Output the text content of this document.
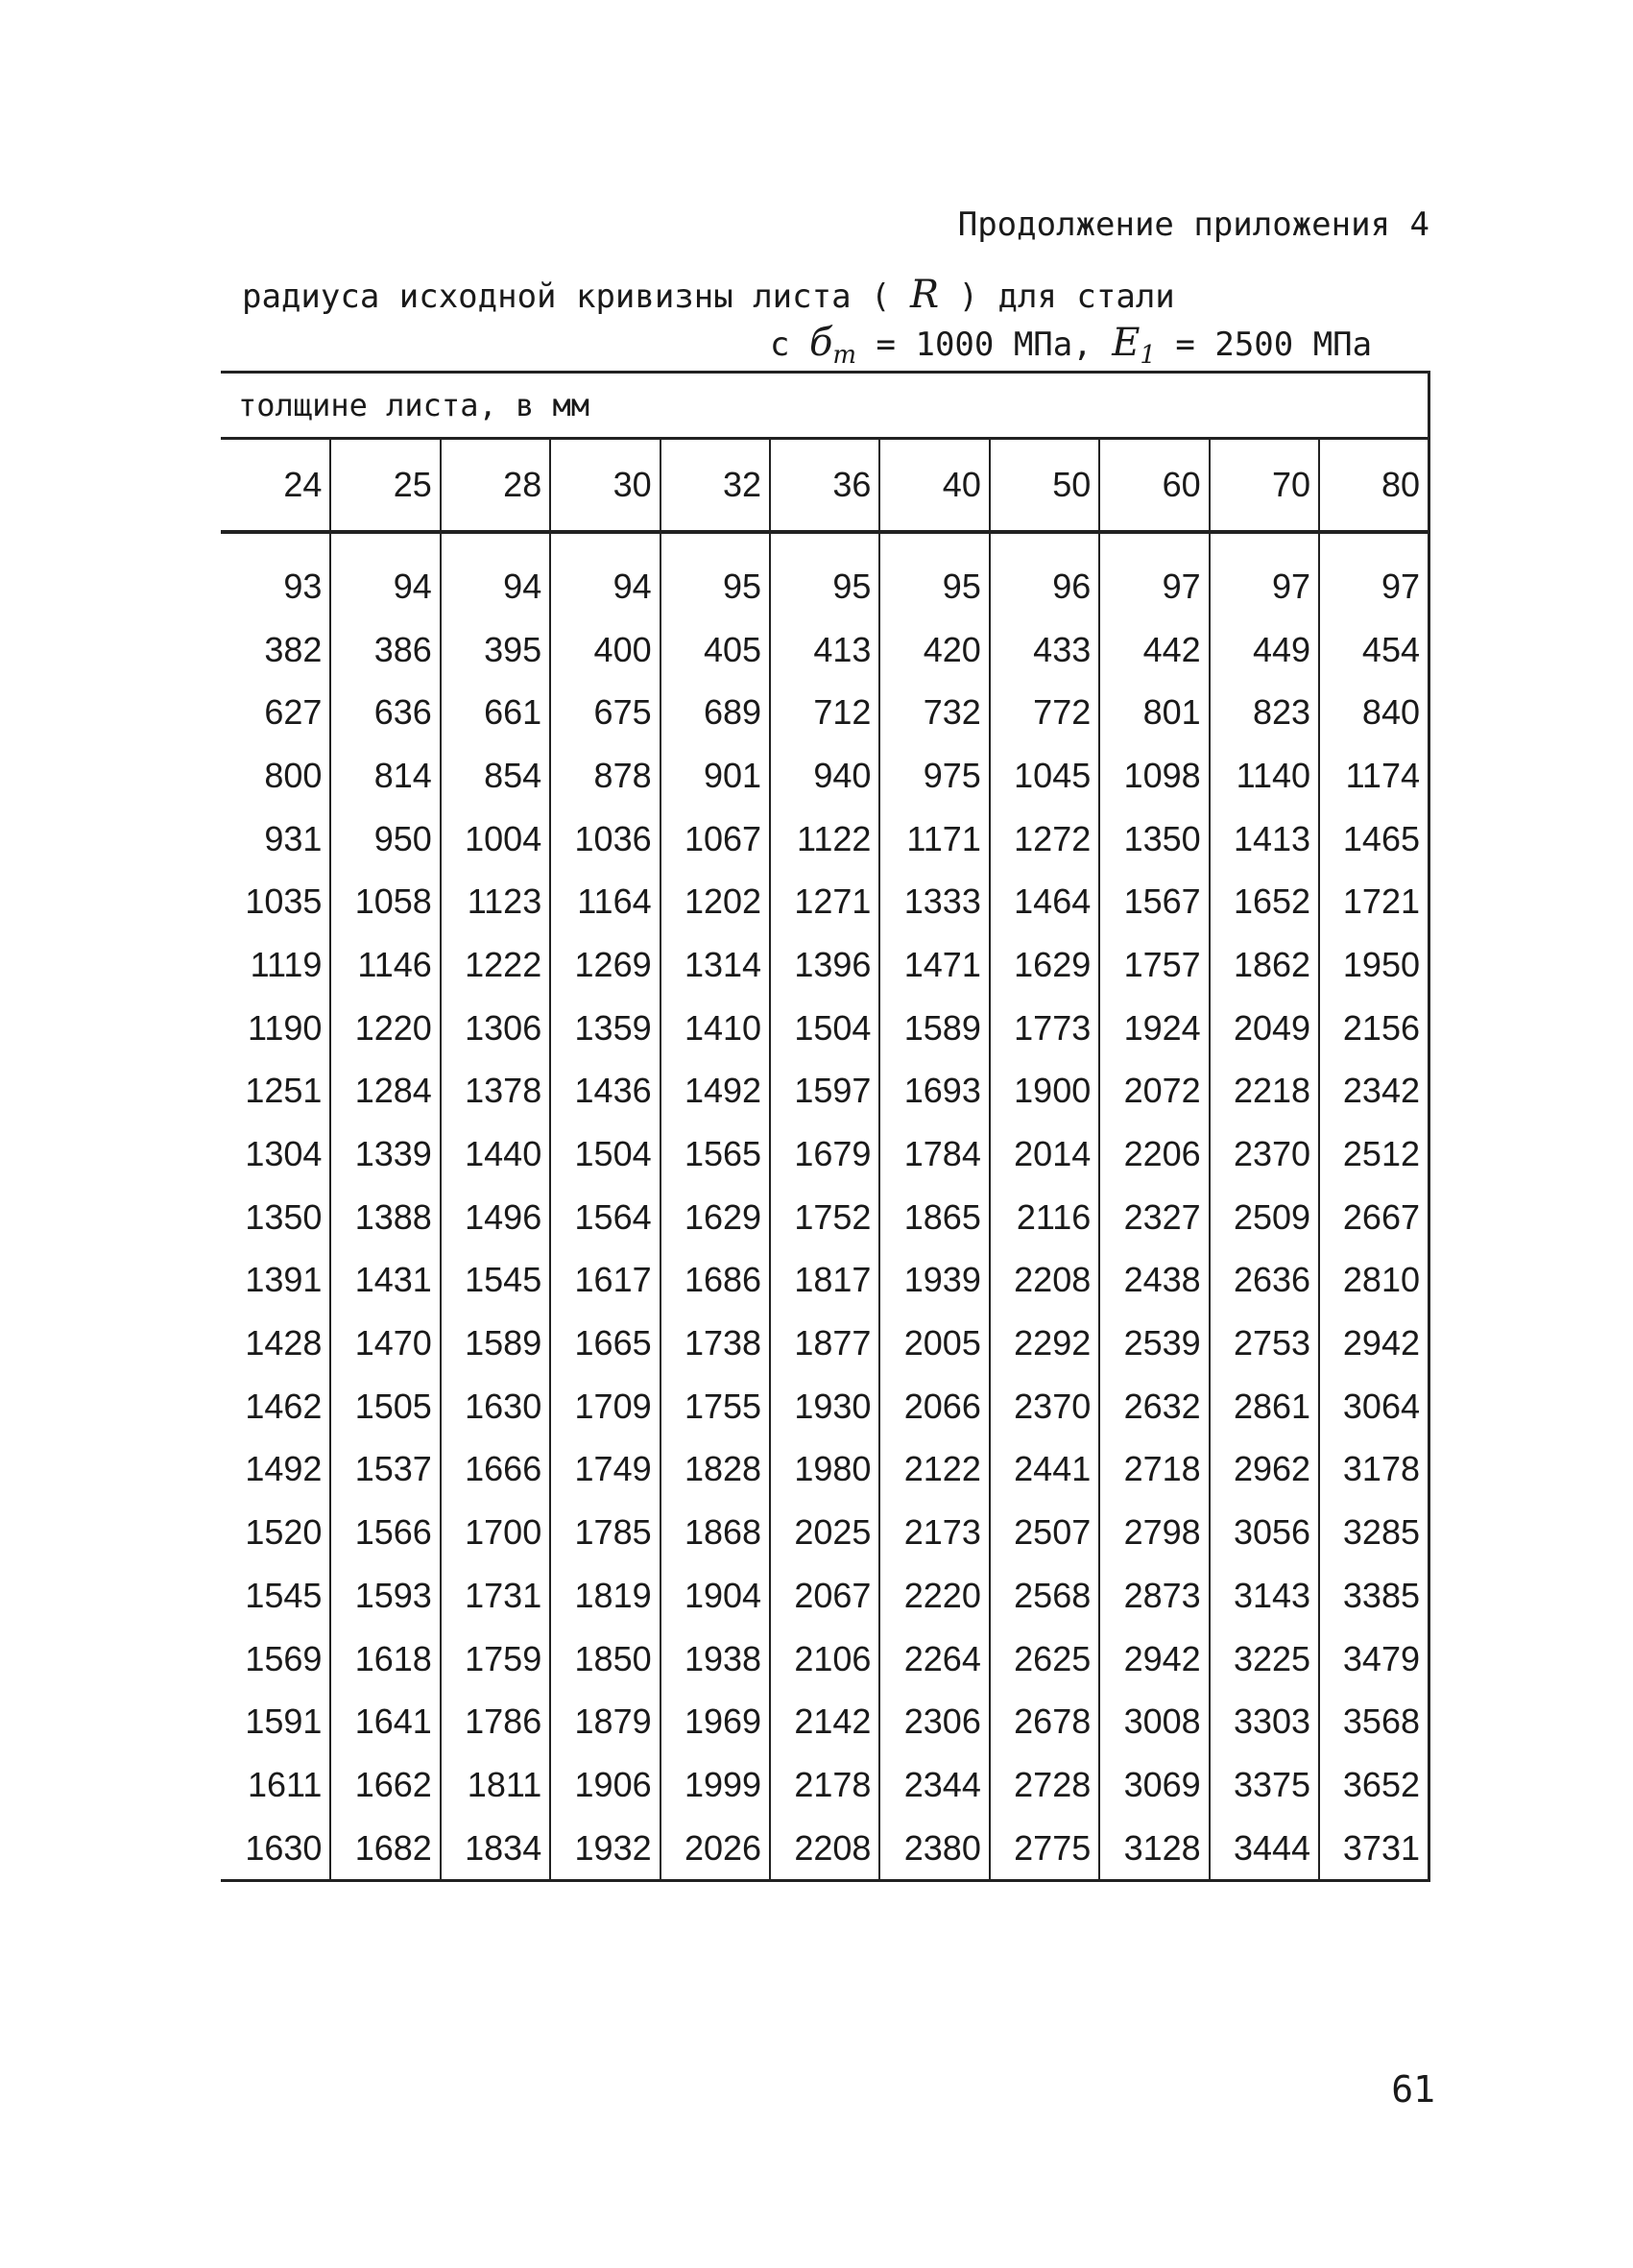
Продолжение приложения 4
радиуса исходной кривизны листа ( R ) для стали
с $б_т = 1000$ МПа, $Е_1 = 2500$ МПа
толщине листа, в мм										
24	25	28	30	32	36	40	50	60	70	80

93	94	94	94	95	95	95	96	97	97	97
382	386	395	400	405	413	420	433	442	449	454
627	636	661	675	689	712	732	772	801	823	840
800	814	854	878	901	940	975	1045	1098	1140	1174
931	950	1004	1036	1067	1122	1171	1272	1350	1413	1465
1035	1058	1123	1164	1202	1271	1333	1464	1567	1652	1721
1119	1146	1222	1269	1314	1396	1471	1629	1757	1862	1950
1190	1220	1306	1359	1410	1504	1589	1773	1924	2049	2156
1251	1284	1378	1436	1492	1597	1693	1900	2072	2218	2342
1304	1339	1440	1504	1565	1679	1784	2014	2206	2370	2512
1350	1388	1496	1564	1629	1752	1865	2116	2327	2509	2667
1391	1431	1545	1617	1686	1817	1939	2208	2438	2636	2810
1428	1470	1589	1665	1738	1877	2005	2292	2539	2753	2942
1462	1505	1630	1709	1755	1930	2066	2370	2632	2861	3064
1492	1537	1666	1749	1828	1980	2122	2441	2718	2962	3178
1520	1566	1700	1785	1868	2025	2173	2507	2798	3056	3285
1545	1593	1731	1819	1904	2067	2220	2568	2873	3143	3385
1569	1618	1759	1850	1938	2106	2264	2625	2942	3225	3479
1591	1641	1786	1879	1969	2142	2306	2678	3008	3303	3568
1611	1662	1811	1906	1999	2178	2344	2728	3069	3375	3652
1630	1682	1834	1932	2026	2208	2380	2775	3128	3444	3731
61
